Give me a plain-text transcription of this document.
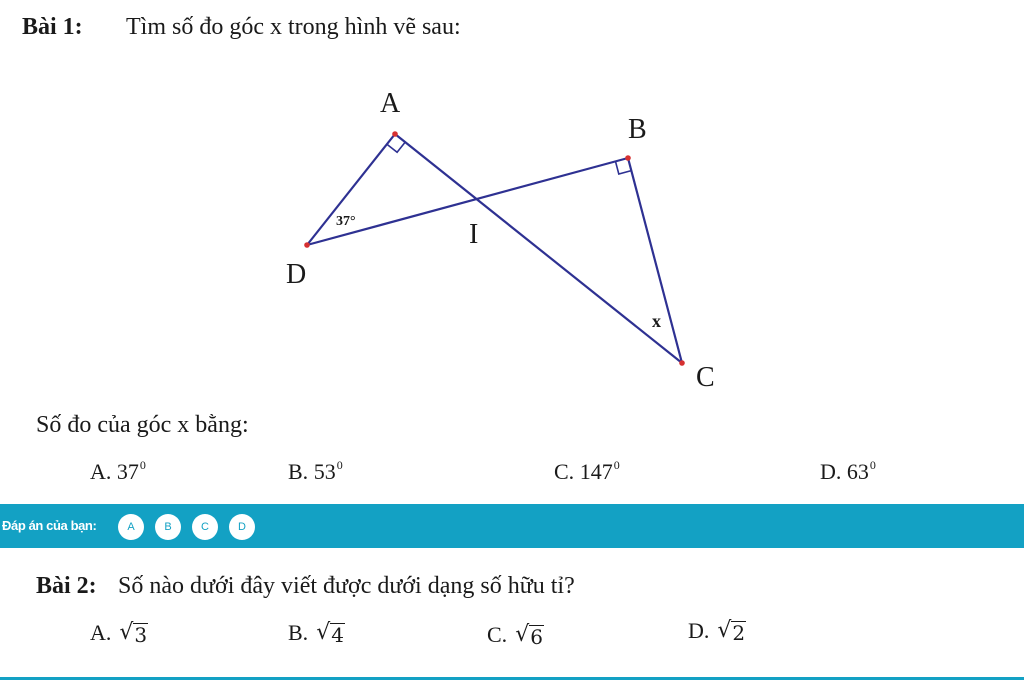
Bài 1: Tìm số đo góc x trong hình vẽ sau:
A
B
C
D
I
x
37°
Số đo của góc x bằng:
A. $37^0$	B. $53^0$	C. $147^0$	D. $63^0$
Đáp án của bạn:	A	B	C	D
Bài 2: Số nào dưới đây viết được dưới dạng số hữu tỉ?
A. √ 3	B. √ 4	C. √ 6	D. √ 2
